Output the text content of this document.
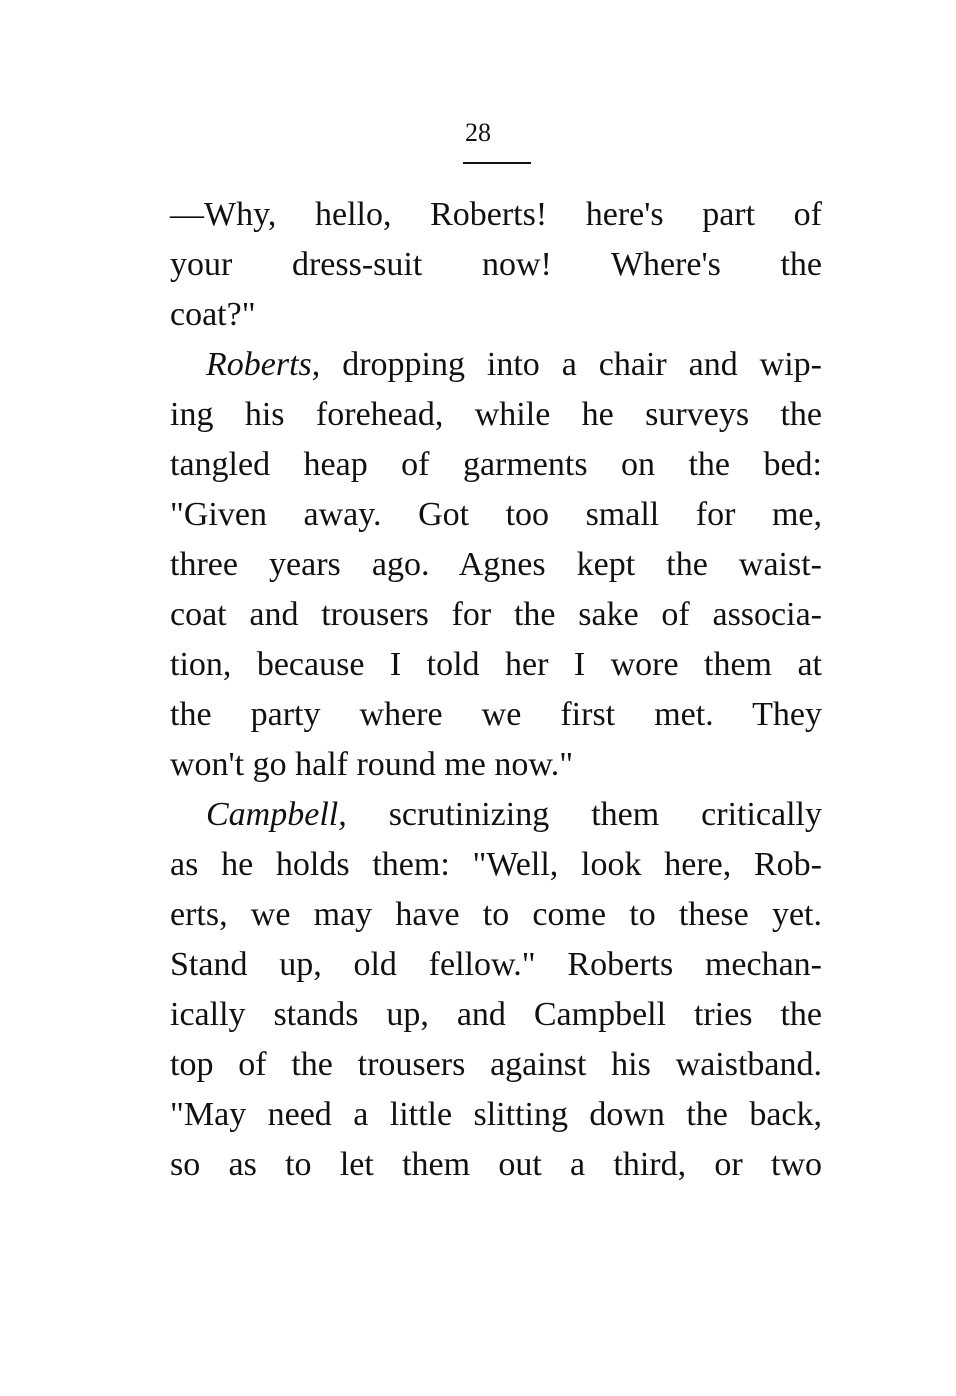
28
—Why, hello, Roberts! here's part of
your dress-suit now! Where's the
coat?"
Roberts, dropping into a chair and wip-
ing his forehead, while he surveys the
tangled heap of garments on the bed:
"Given away. Got too small for me,
three years ago. Agnes kept the waist-
coat and trousers for the sake of associa-
tion, because I told her I wore them at
the party where we first met. They
won't go half round me now."
Campbell, scrutinizing them critically
as he holds them: "Well, look here, Rob-
erts, we may have to come to these yet.
Stand up, old fellow." Roberts mechan-
ically stands up, and Campbell tries the
top of the trousers against his waistband.
"May need a little slitting down the back,
so as to let them out a third, or two
